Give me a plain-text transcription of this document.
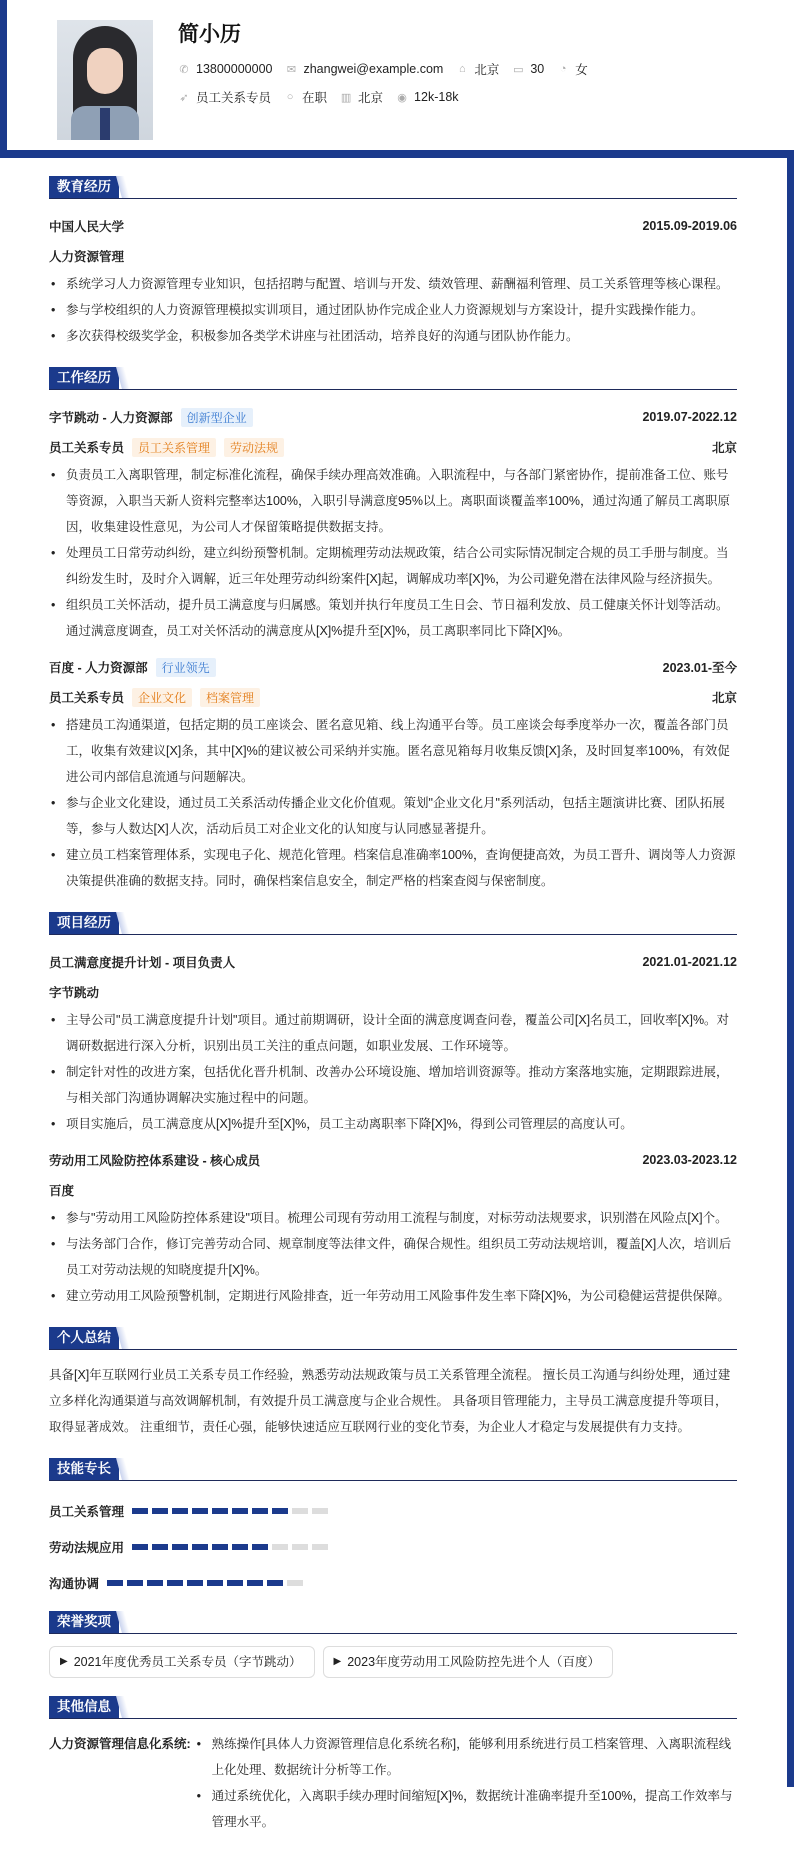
简小历
✆ 13800000000 ✉ zhangwei@example.com ⌂ 北京 ▭ 30 ◔ 女
➶ 员工关系专员 ○ 在职 ▥ 北京 ◉ 12k-18k
教育经历
中国人民大学	2015.09-2019.06
人力资源管理
• 系统学习人力资源管理专业知识，包括招聘与配置、培训与开发、绩效管理、薪酬福利管理、员工关系管理等核心课程。
• 参与学校组织的人力资源管理模拟实训项目，通过团队协作完成企业人力资源规划与方案设计，提升实践操作能力。
• 多次获得校级奖学金，积极参加各类学术讲座与社团活动，培养良好的沟通与团队协作能力。
工作经历
字节跳动 - 人力资源部	创新型企业	2019.07-2022.12
员工关系专员	员工关系管理	劳动法规	北京
• 负责员工入离职管理，制定标准化流程，确保手续办理高效准确。入职流程中，与各部门紧密协作，提前准备工位、账号等资源，入职当天新人资料完整率达100%，入职引导满意度95%以上。离职面谈覆盖率100%，通过沟通了解员工离职原因，收集建设性意见，为公司人才保留策略提供数据支持。
• 处理员工日常劳动纠纷，建立纠纷预警机制。定期梳理劳动法规政策，结合公司实际情况制定合规的员工手册与制度。当纠纷发生时，及时介入调解，近三年处理劳动纠纷案件[X]起，调解成功率[X]%，为公司避免潜在法律风险与经济损失。
• 组织员工关怀活动，提升员工满意度与归属感。策划并执行年度员工生日会、节日福利发放、员工健康关怀计划等活动。通过满意度调查，员工对关怀活动的满意度从[X]%提升至[X]%，员工离职率同比下降[X]%。
百度 - 人力资源部	行业领先	2023.01-至今
员工关系专员	企业文化	档案管理	北京
• 搭建员工沟通渠道，包括定期的员工座谈会、匿名意见箱、线上沟通平台等。员工座谈会每季度举办一次，覆盖各部门员工，收集有效建议[X]条，其中[X]%的建议被公司采纳并实施。匿名意见箱每月收集反馈[X]条，及时回复率100%，有效促进公司内部信息流通与问题解决。
• 参与企业文化建设，通过员工关系活动传播企业文化价值观。策划"企业文化月"系列活动，包括主题演讲比赛、团队拓展等，参与人数达[X]人次，活动后员工对企业文化的认知度与认同感显著提升。
• 建立员工档案管理体系，实现电子化、规范化管理。档案信息准确率100%，查询便捷高效，为员工晋升、调岗等人力资源决策提供准确的数据支持。同时，确保档案信息安全，制定严格的档案查阅与保密制度。
项目经历
员工满意度提升计划 - 项目负责人	2021.01-2021.12
字节跳动
• 主导公司"员工满意度提升计划"项目。通过前期调研，设计全面的满意度调查问卷，覆盖公司[X]名员工，回收率[X]%。对调研数据进行深入分析，识别出员工关注的重点问题，如职业发展、工作环境等。
• 制定针对性的改进方案，包括优化晋升机制、改善办公环境设施、增加培训资源等。推动方案落地实施，定期跟踪进展，与相关部门沟通协调解决实施过程中的问题。
• 项目实施后，员工满意度从[X]%提升至[X]%，员工主动离职率下降[X]%，得到公司管理层的高度认可。
劳动用工风险防控体系建设 - 核心成员	2023.03-2023.12
百度
• 参与"劳动用工风险防控体系建设"项目。梳理公司现有劳动用工流程与制度，对标劳动法规要求，识别潜在风险点[X]个。
• 与法务部门合作，修订完善劳动合同、规章制度等法律文件，确保合规性。组织员工劳动法规培训，覆盖[X]人次，培训后员工对劳动法规的知晓度提升[X]%。
• 建立劳动用工风险预警机制，定期进行风险排查，近一年劳动用工风险事件发生率下降[X]%，为公司稳健运营提供保障。
个人总结
具备[X]年互联网行业员工关系专员工作经验，熟悉劳动法规政策与员工关系管理全流程。 擅长员工沟通与纠纷处理，通过建立多样化沟通渠道与高效调解机制，有效提升员工满意度与企业合规性。 具备项目管理能力，主导员工满意度提升等项目，取得显著成效。 注重细节，责任心强，能够快速适应互联网行业的变化节奏，为企业人才稳定与发展提供有力支持。
技能专长
员工关系管理
劳动法规应用
沟通协调
荣誉奖项
▶ 2021年度优秀员工关系专员（字节跳动）	▶ 2023年度劳动用工风险防控先进个人（百度）
其他信息
人力资源管理信息化系统:	• 熟练操作[具体人力资源管理信息化系统名称]，能够利用系统进行员工档案管理、入离职流程线上化处理、数据统计分析等工作。
• 通过系统优化，入离职手续办理时间缩短[X]%，数据统计准确率提升至100%，提高工作效率与管理水平。
